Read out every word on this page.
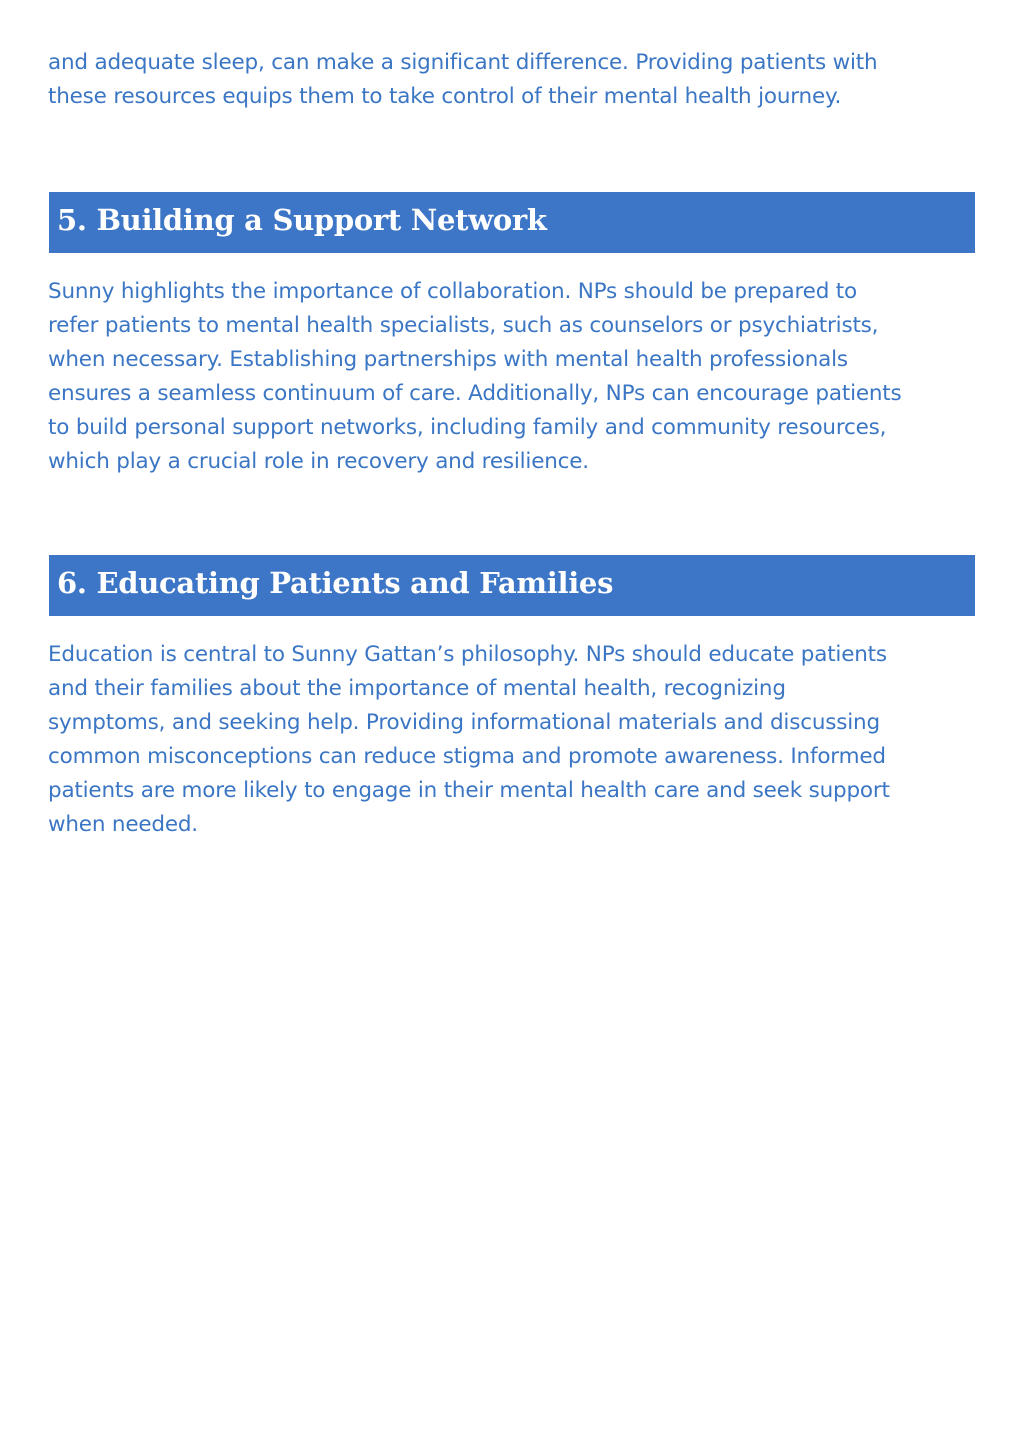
and adequate sleep, can make a significant difference. Providing patients with
these resources equips them to take control of their mental health journey.

5. Building a Support Network

Sunny highlights the importance of collaboration. NPs should be prepared to
refer patients to mental health specialists, such as counselors or psychiatrists,
when necessary. Establishing partnerships with mental health professionals
ensures a seamless continuum of care. Additionally, NPs can encourage patients
to build personal support networks, including family and community resources,
which play a crucial role in recovery and resilience.

6. Educating Patients and Families

Education is central to Sunny Gattan’s philosophy. NPs should educate patients
and their families about the importance of mental health, recognizing
symptoms, and seeking help. Providing informational materials and discussing
common misconceptions can reduce stigma and promote awareness. Informed
patients are more likely to engage in their mental health care and seek support
when needed.
